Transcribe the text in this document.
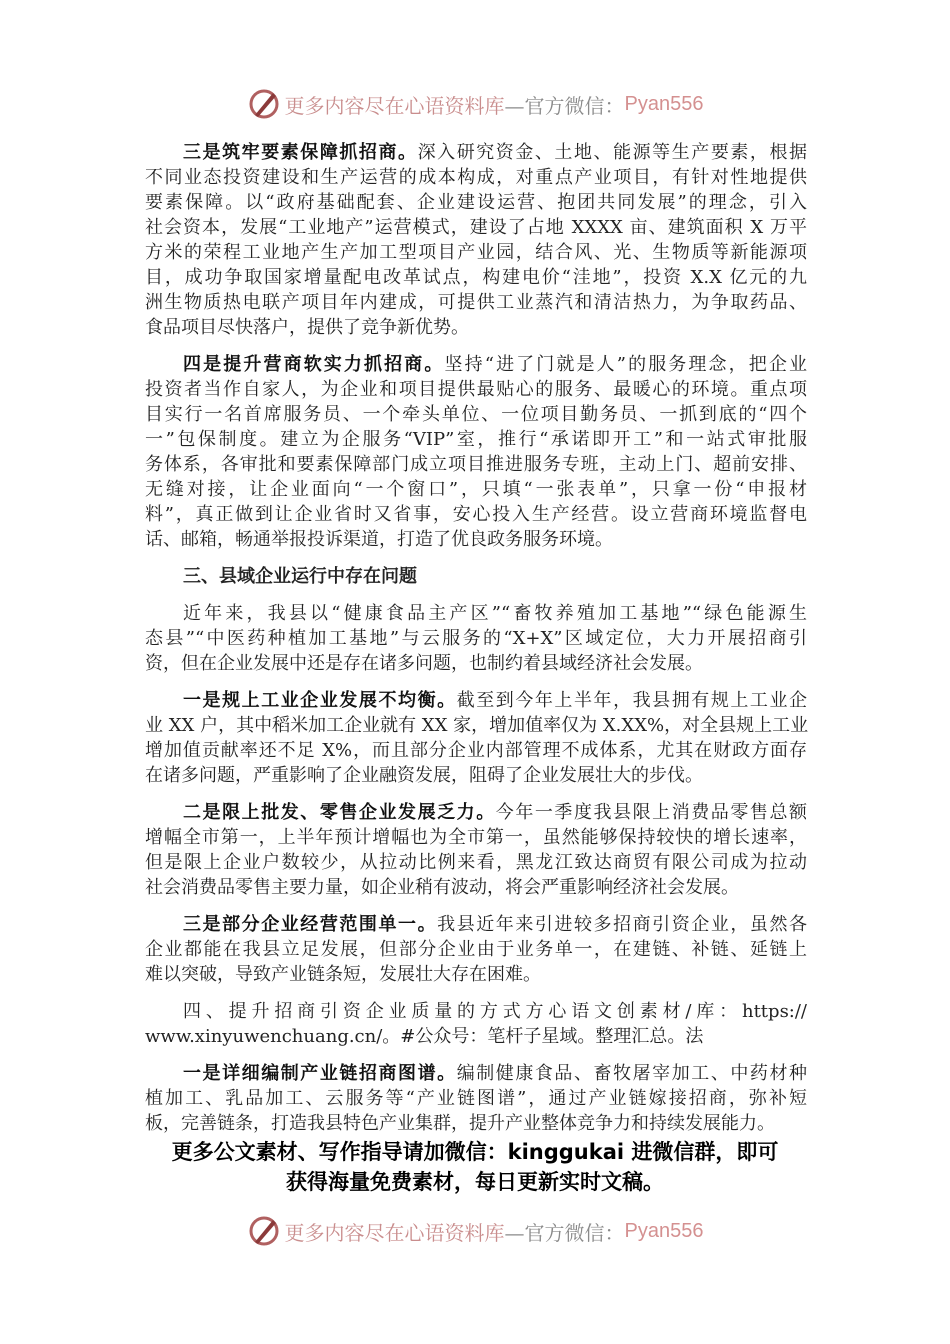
更多内容尽在心语资料库 —官方微信： Pyan556
三是筑牢要素保障抓招商。深入研究资金、土地、能源等生产要素，根据
不同业态投资建设和生产运营的成本构成，对重点产业项目，有针对性地提供
要素保障。以“政府基础配套、企业建设运营、抱团共同发展”的理念，引入
社会资本，发展“工业地产”运营模式，建设了占地 XXXX 亩、建筑面积 X 万平
方米的荣程工业地产生产加工型项目产业园，结合风、光、生物质等新能源项
目，成功争取国家增量配电改革试点，构建电价“洼地”，投资 X.X 亿元的九
洲生物质热电联产项目年内建成，可提供工业蒸汽和清洁热力，为争取药品、
食品项目尽快落户，提供了竞争新优势。
四是提升营商软实力抓招商。坚持“进了门就是人”的服务理念，把企业
投资者当作自家人，为企业和项目提供最贴心的服务、最暖心的环境。重点项
目实行一名首席服务员、一个牵头单位、一位项目勤务员、一抓到底的“四个
一”包保制度。建立为企服务“VIP”室，推行“承诺即开工”和一站式审批服
务体系，各审批和要素保障部门成立项目推进服务专班，主动上门、超前安排、
无缝对接，让企业面向“一个窗口”，只填“一张表单”，只拿一份“申报材
料”，真正做到让企业省时又省事，安心投入生产经营。设立营商环境监督电
话、邮箱，畅通举报投诉渠道，打造了优良政务服务环境。
三、县域企业运行中存在问题
近年来，我县以“健康食品主产区”“畜牧养殖加工基地”“绿色能源生
态县”“中医药种植加工基地”与云服务的“X+X”区域定位，大力开展招商引
资，但在企业发展中还是存在诸多问题，也制约着县域经济社会发展。
一是规上工业企业发展不均衡。截至到今年上半年，我县拥有规上工业企
业 XX 户，其中稻米加工企业就有 XX 家，增加值率仅为 X.XX%，对全县规上工业
增加值贡献率还不足 X%，而且部分企业内部管理不成体系，尤其在财政方面存
在诸多问题，严重影响了企业融资发展，阻碍了企业发展壮大的步伐。
二是限上批发、零售企业发展乏力。今年一季度我县限上消费品零售总额
增幅全市第一，上半年预计增幅也为全市第一，虽然能够保持较快的增长速率，
但是限上企业户数较少，从拉动比例来看，黑龙江致达商贸有限公司成为拉动
社会消费品零售主要力量，如企业稍有波动，将会严重影响经济社会发展。
三是部分企业经营范围单一。我县近年来引进较多招商引资企业，虽然各
企业都能在我县立足发展，但部分企业由于业务单一，在建链、补链、延链上
难以突破，导致产业链条短，发展壮大存在困难。
四、提升招商引资企业质量的方式方心语文创素材/库：https://
www.xinyuwenchuang.cn/。#公众号：笔杆子星域。整理汇总。法
一是详细编制产业链招商图谱。编制健康食品、畜牧屠宰加工、中药材种
植加工、乳品加工、云服务等“产业链图谱”，通过产业链嫁接招商，弥补短
板，完善链条，打造我县特色产业集群，提升产业整体竞争力和持续发展能力。
更多公文素材、写作指导请加微信：kinggukai 进微信群，即可
获得海量免费素材，每日更新实时文稿。
更多内容尽在心语资料库 —官方微信： Pyan556
